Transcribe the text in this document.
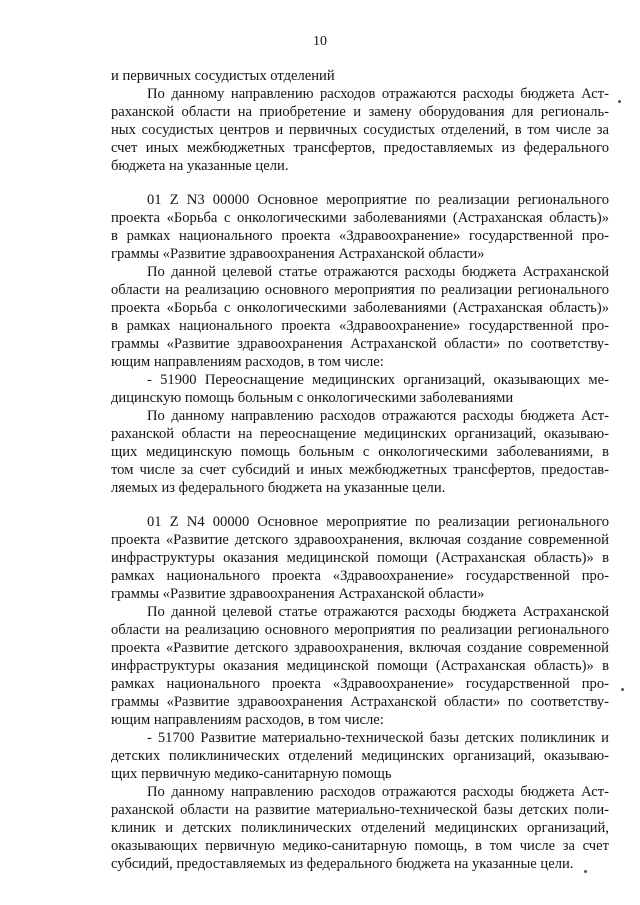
10
и первичных сосудистых отделений
По данному направлению расходов отражаются расходы бюджета Аст-
раханской области на приобретение и замену оборудования для региональ-
ных сосудистых центров и первичных сосудистых отделений, в том числе за
счет иных межбюджетных трансфертов, предоставляемых из федерального
бюджета на указанные цели.
01 Z N3 00000 Основное мероприятие по реализации регионального
проекта «Борьба с онкологическими заболеваниями (Астраханская область)»
в рамках национального проекта «Здравоохранение» государственной про-
граммы «Развитие здравоохранения Астраханской области»
По данной целевой статье отражаются расходы бюджета Астраханской
области на реализацию основного мероприятия по реализации регионального
проекта «Борьба с онкологическими заболеваниями (Астраханская область)»
в рамках национального проекта «Здравоохранение» государственной про-
граммы «Развитие здравоохранения Астраханской области» по соответству-
ющим направлениям расходов, в том числе:
- 51900 Переоснащение медицинских организаций, оказывающих ме-
дицинскую помощь больным с онкологическими заболеваниями
По данному направлению расходов отражаются расходы бюджета Аст-
раханской области на переоснащение медицинских организаций, оказываю-
щих медицинскую помощь больным с онкологическими заболеваниями, в
том числе за счет субсидий и иных межбюджетных трансфертов, предостав-
ляемых из федерального бюджета на указанные цели.
01 Z N4 00000 Основное мероприятие по реализации регионального
проекта «Развитие детского здравоохранения, включая создание современной
инфраструктуры оказания медицинской помощи (Астраханская область)» в
рамках национального проекта «Здравоохранение» государственной про-
граммы «Развитие здравоохранения Астраханской области»
По данной целевой статье отражаются расходы бюджета Астраханской
области на реализацию основного мероприятия по реализации регионального
проекта «Развитие детского здравоохранения, включая создание современной
инфраструктуры оказания медицинской помощи (Астраханская область)» в
рамках национального проекта «Здравоохранение» государственной про-
граммы «Развитие здравоохранения Астраханской области» по соответству-
ющим направлениям расходов, в том числе:
- 51700 Развитие материально-технической базы детских поликлиник и
детских поликлинических отделений медицинских организаций, оказываю-
щих первичную медико-санитарную помощь
По данному направлению расходов отражаются расходы бюджета Аст-
раханской области на развитие материально-технической базы детских поли-
клиник и детских поликлинических отделений медицинских организаций,
оказывающих первичную медико-санитарную помощь, в том числе за счет
субсидий, предоставляемых из федерального бюджета на указанные цели.
